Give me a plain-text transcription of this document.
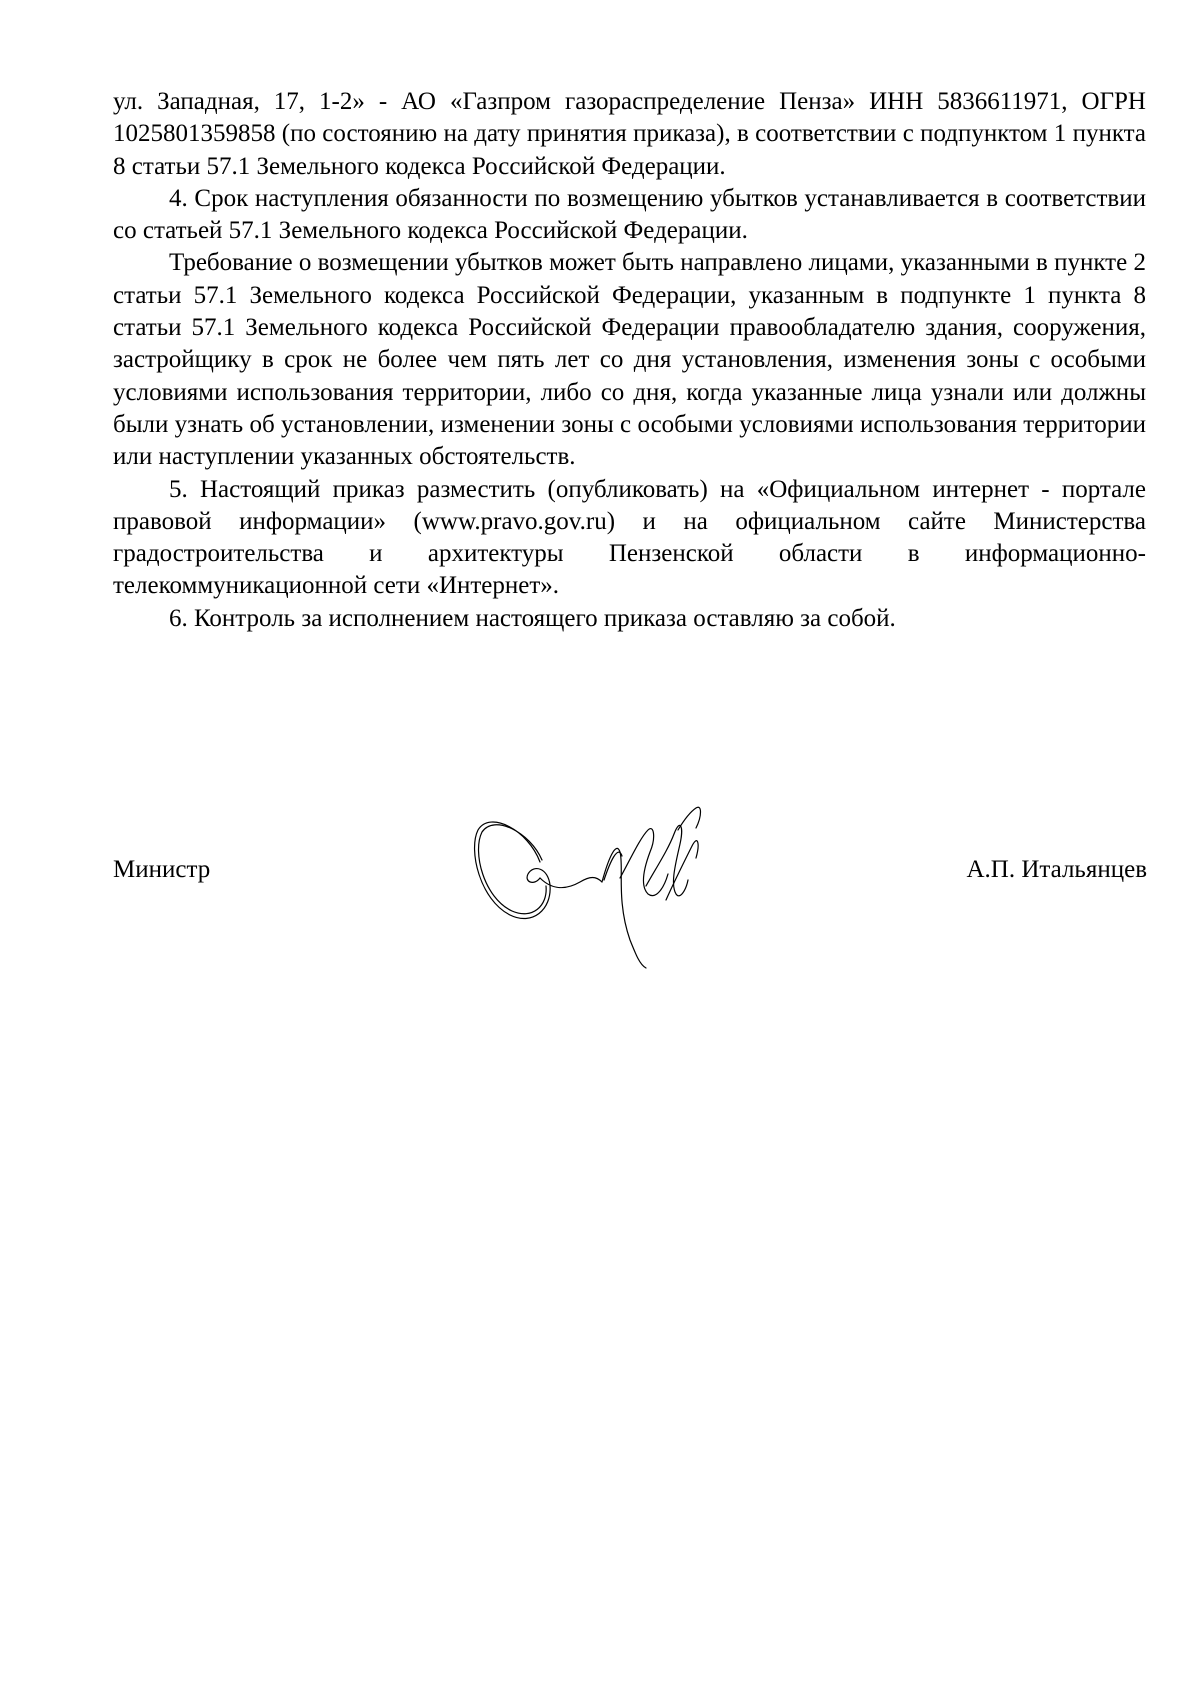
ул. Западная, 17, 1-2» - АО «Газпром газораспределение Пенза» ИНН 5836611971, ОГРН 1025801359858 (по состоянию на дату принятия приказа), в соответствии с подпунктом 1 пункта 8 статьи 57.1 Земельного кодекса Российской Федерации.

4. Срок наступления обязанности по возмещению убытков устанавливается в соответствии со статьей 57.1 Земельного кодекса Российской Федерации.

Требование о возмещении убытков может быть направлено лицами, указанными в пункте 2 статьи 57.1 Земельного кодекса Российской Федерации, указанным в подпункте 1 пункта 8 статьи 57.1 Земельного кодекса Российской Федерации правообладателю здания, сооружения, застройщику в срок не более чем пять лет со дня установления, изменения зоны с особыми условиями использования территории, либо со дня, когда указанные лица узнали или должны были узнать об установлении, изменении зоны с особыми условиями использования территории или наступлении указанных обстоятельств.

5. Настоящий приказ разместить (опубликовать) на «Официальном интернет - портале правовой информации» (www.pravo.gov.ru) и на официальном сайте Министерства градостроительства и архитектуры Пензенской области в информационно-телекоммуникационной сети «Интернет».

6. Контроль за исполнением настоящего приказа оставляю за собой.

Министр	А.П. Итальянцев
